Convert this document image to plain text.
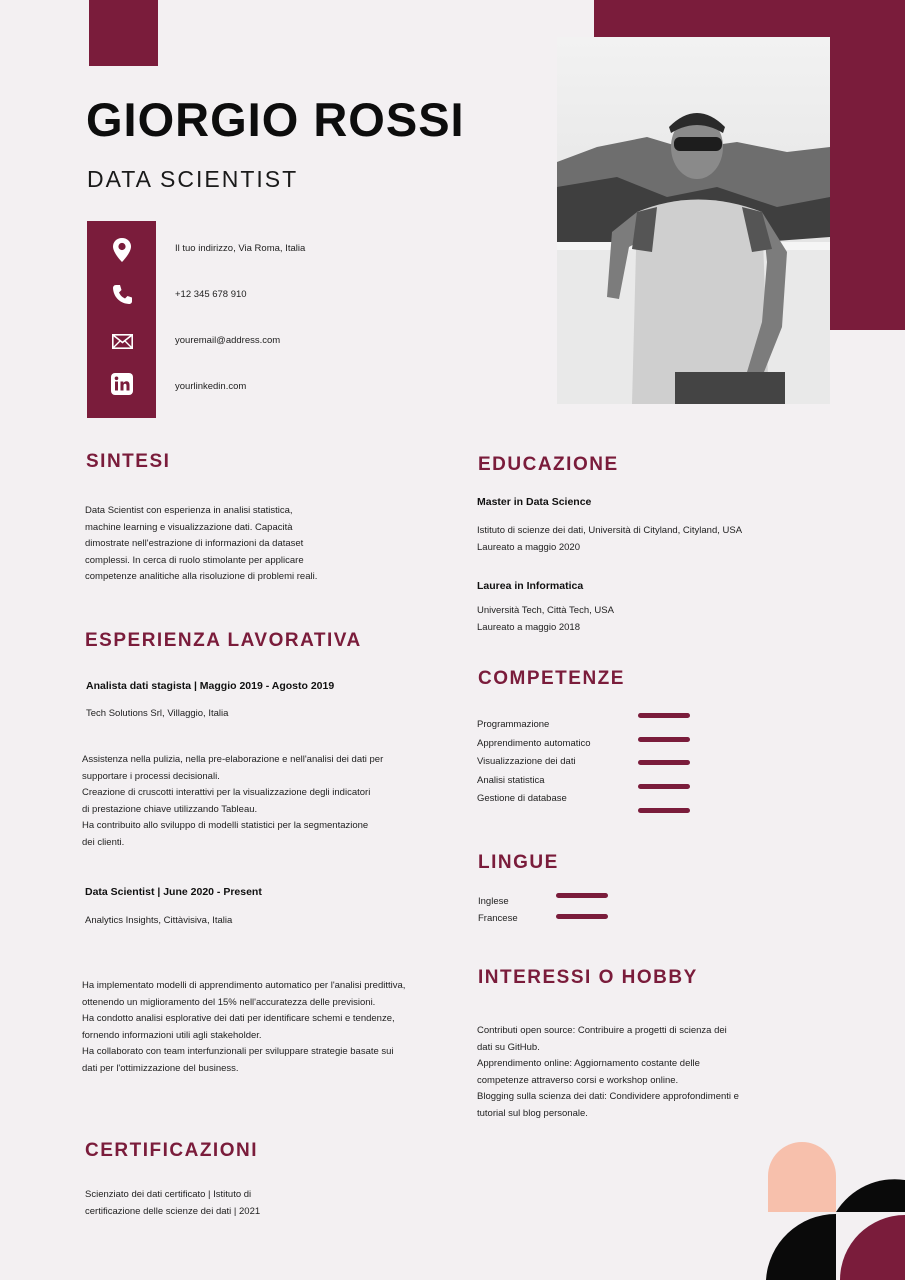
GIORGIO ROSSI
DATA SCIENTIST
Il tuo indirizzo, Via Roma, Italia
+12 345 678 910
youremail@address.com
yourlinkedin.com
SINTESI
Data Scientist con esperienza in analisi statistica,
machine learning e visualizzazione dati. Capacità
dimostrate nell'estrazione di informazioni da dataset
complessi. In cerca di ruolo stimolante per applicare
competenze analitiche alla risoluzione di problemi reali.
ESPERIENZA LAVORATIVA
Analista dati stagista | Maggio 2019 - Agosto 2019
Tech Solutions Srl, Villaggio, Italia
Assistenza nella pulizia, nella pre-elaborazione e nell'analisi dei dati per
supportare i processi decisionali.
Creazione di cruscotti interattivi per la visualizzazione degli indicatori
di prestazione chiave utilizzando Tableau.
Ha contribuito allo sviluppo di modelli statistici per la segmentazione
dei clienti.
Data Scientist | June 2020 - Present
Analytics Insights, Cittàvisiva, Italia
Ha implementato modelli di apprendimento automatico per l'analisi predittiva,
ottenendo un miglioramento del 15% nell'accuratezza delle previsioni.
Ha condotto analisi esplorative dei dati per identificare schemi e tendenze,
fornendo informazioni utili agli stakeholder.
Ha collaborato con team interfunzionali per sviluppare strategie basate sui
dati per l'ottimizzazione del business.
CERTIFICAZIONI
Scienziato dei dati certificato | Istituto di
certificazione delle scienze dei dati | 2021
EDUCAZIONE
Master in Data Science
Istituto di scienze dei dati, Università di Cityland, Cityland, USA
Laureato a maggio 2020
Laurea in Informatica
Università Tech, Città Tech, USA
Laureato a maggio 2018
COMPETENZE
Programmazione
Apprendimento automatico
Visualizzazione dei dati
Analisi statistica
Gestione di database
LINGUE
Inglese
Francese
INTERESSI O HOBBY
Contributi open source: Contribuire a progetti di scienza dei
dati su GitHub.
Apprendimento online: Aggiornamento costante delle
competenze attraverso corsi e workshop online.
Blogging sulla scienza dei dati: Condividere approfondimenti e
tutorial sul blog personale.
